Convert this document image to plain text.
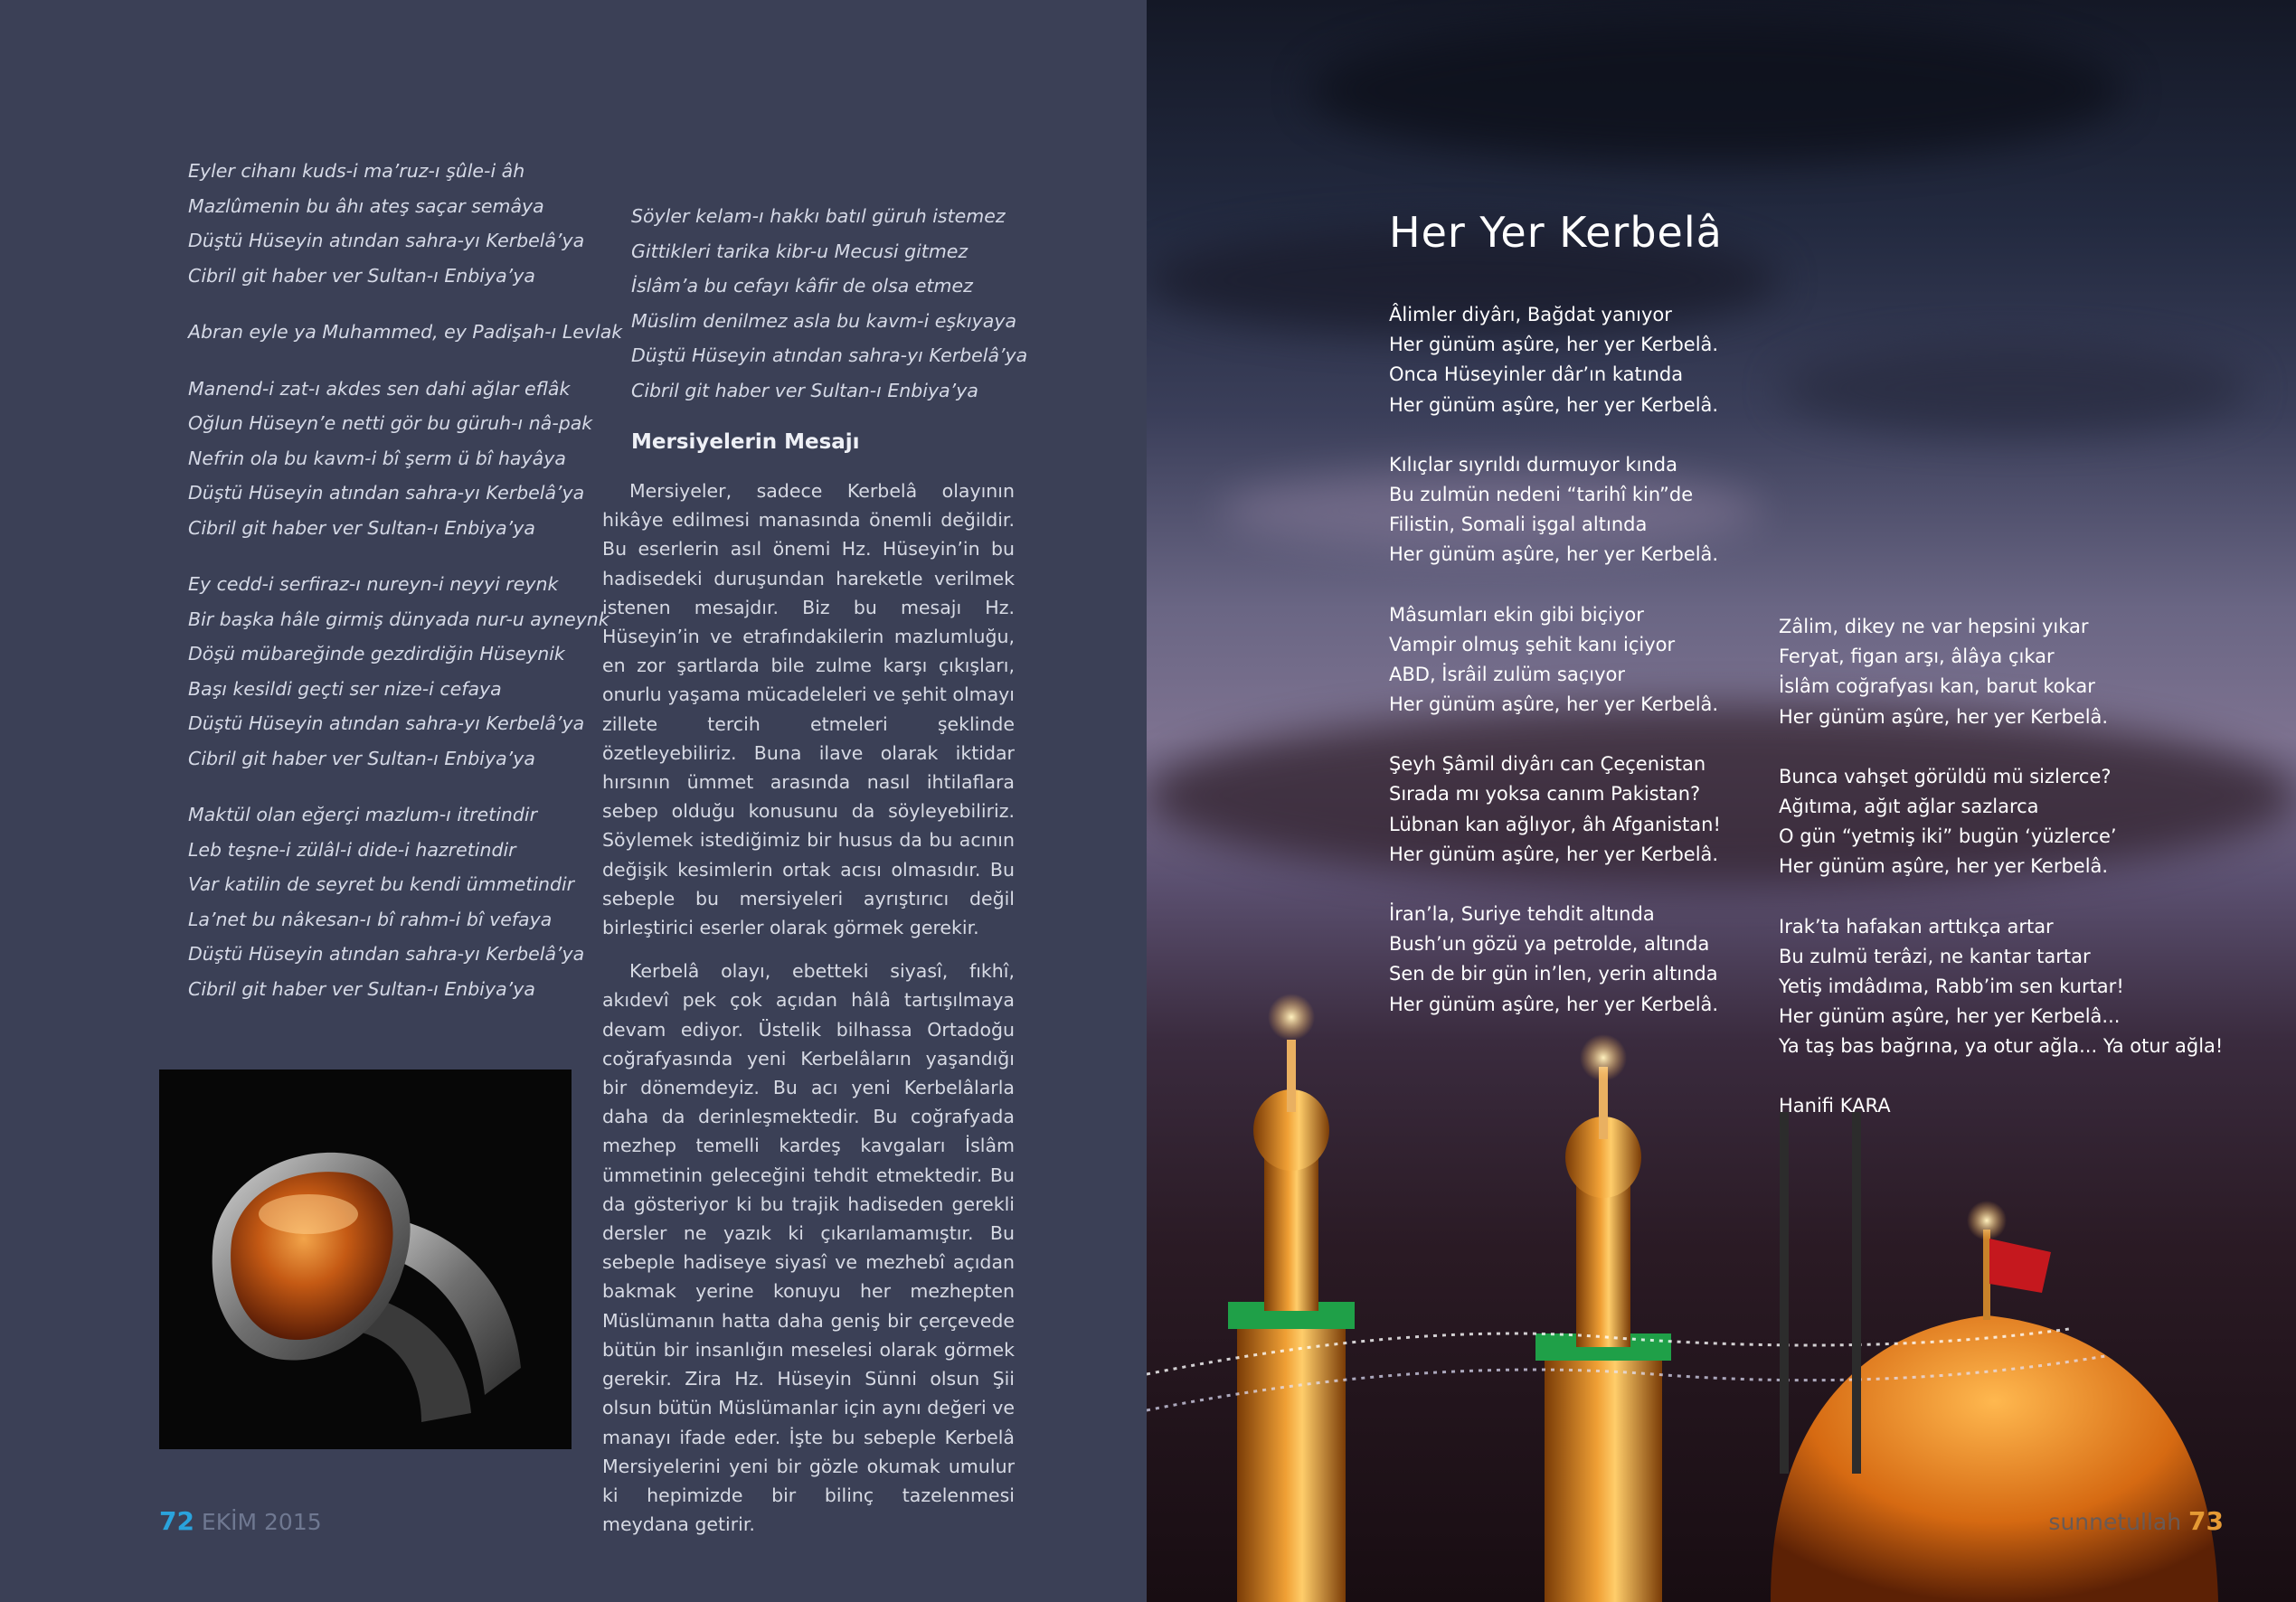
Eyler cihanı kuds-i ma’ruz-ı şûle-i âh
Mazlûmenin bu âhı ateş saçar semâya
Düştü Hüseyin atından sahra-yı Kerbelâ’ya
Cibril git haber ver Sultan-ı Enbiya’ya
Abran eyle ya Muhammed, ey Padişah-ı Levlak
Manend-i zat-ı akdes sen dahi ağlar eflâk
Oğlun Hüseyn’e netti gör bu güruh-ı nâ-pak
Nefrin ola bu kavm-i bî şerm ü bî hayâya
Düştü Hüseyin atından sahra-yı Kerbelâ’ya
Cibril git haber ver Sultan-ı Enbiya’ya
Ey cedd-i serfiraz-ı nureyn-i neyyi reynk
Bir başka hâle girmiş dünyada nur-u ayneynk
Döşü mübareğinde gezdirdiğin Hüseynik
Başı kesildi geçti ser nize-i cefaya
Düştü Hüseyin atından sahra-yı Kerbelâ’ya
Cibril git haber ver Sultan-ı Enbiya’ya
Maktül olan eğerçi mazlum-ı itretindir
Leb teşne-i zülâl-i dide-i hazretindir
Var katilin de seyret bu kendi ümmetindir
La’net bu nâkesan-ı bî rahm-i bî vefaya
Düştü Hüseyin atından sahra-yı Kerbelâ’ya
Cibril git haber ver Sultan-ı Enbiya’ya
Söyler kelam-ı hakkı batıl güruh istemez
Gittikleri tarika kibr-u Mecusi gitmez
İslâm’a bu cefayı kâfir de olsa etmez
Müslim denilmez asla bu kavm-i eşkıyaya
Düştü Hüseyin atından sahra-yı Kerbelâ’ya
Cibril git haber ver Sultan-ı Enbiya’ya
Mersiyelerin Mesajı

Mersiyeler, sadece Kerbelâ olayının hikâye edilmesi manasında önemli değildir. Bu eserlerin asıl önemi Hz. Hüseyin’in bu hadisedeki duruşundan hareketle verilmek istenen mesajdır. Biz bu mesajı Hz. Hüseyin’in ve etrafındakilerin mazlumluğu, en zor şartlarda bile zulme karşı çıkışları, onurlu yaşama mücadeleleri ve şehit olmayı zillete tercih etmeleri şeklinde özetleyebiliriz. Buna ilave olarak iktidar hırsının ümmet arasında nasıl ihtilaflara sebep olduğu konusunu da söyleyebiliriz. Söylemek istediğimiz bir husus da bu acının değişik kesimlerin ortak acısı olmasıdır. Bu sebeple bu mersiyeleri ayrıştırıcı değil birleştirici eserler olarak görmek gerekir.

Kerbelâ olayı, ebetteki siyasî, fıkhî, akıdevî pek çok açıdan hâlâ tartışılmaya devam ediyor. Üstelik bilhassa Ortadoğu coğrafyasında yeni Kerbelâların yaşandığı bir dönemdeyiz. Bu acı yeni Kerbelâlarla daha da derinleşmektedir. Bu coğrafyada mezhep temelli kardeş kavgaları İslâm ümmetinin geleceğini tehdit etmektedir. Bu da gösteriyor ki bu trajik hadiseden gerekli dersler ne yazık ki çıkarılamamıştır. Bu sebeple hadiseye siyasî ve mezhebî açıdan bakmak yerine konuyu her mezhepten Müslümanın hatta daha geniş bir çerçevede bütün bir insanlığın meselesi olarak görmek gerekir. Zira Hz. Hüseyin Sünni olsun Şii olsun bütün Müslümanlar için aynı değeri ve manayı ifade eder. İşte bu sebeple Kerbelâ Mersiyelerini yeni bir gözle okumak umulur ki hepimizde bir bilinç tazelenmesi meydana getirir.

72 EKİM 2015
Her Yer Kerbelâ
Âlimler diyârı, Bağdat yanıyor
Her günüm aşûre, her yer Kerbelâ.
Onca Hüseyinler dâr’ın katında
Her günüm aşûre, her yer Kerbelâ.
Kılıçlar sıyrıldı durmuyor kında
Bu zulmün nedeni “tarihî kin”de
Filistin, Somali işgal altında
Her günüm aşûre, her yer Kerbelâ.
Mâsumları ekin gibi biçiyor
Vampir olmuş şehit kanı içiyor
ABD, İsrâil zulüm saçıyor
Her günüm aşûre, her yer Kerbelâ.
Şeyh Şâmil diyârı can Çeçenistan
Sırada mı yoksa canım Pakistan?
Lübnan kan ağlıyor, âh Afganistan!
Her günüm aşûre, her yer Kerbelâ.
İran’la, Suriye tehdit altında
Bush’un gözü ya petrolde, altında
Sen de bir gün in’len, yerin altında
Her günüm aşûre, her yer Kerbelâ.
Zâlim, dikey ne var hepsini yıkar
Feryat, figan arşı, âlâya çıkar
İslâm coğrafyası kan, barut kokar
Her günüm aşûre, her yer Kerbelâ.
Bunca vahşet görüldü mü sizlerce?
Ağıtıma, ağıt ağlar sazlarca
O gün “yetmiş iki” bugün ‘yüzlerce’
Her günüm aşûre, her yer Kerbelâ.
Irak’ta hafakan arttıkça artar
Bu zulmü terâzi, ne kantar tartar
Yetiş imdâdıma, Rabb’im sen kurtar!
Her günüm aşûre, her yer Kerbelâ...
Ya taş bas bağrına, ya otur ağla... Ya otur ağla!
Hanifi KARA
sunnetullah 73
